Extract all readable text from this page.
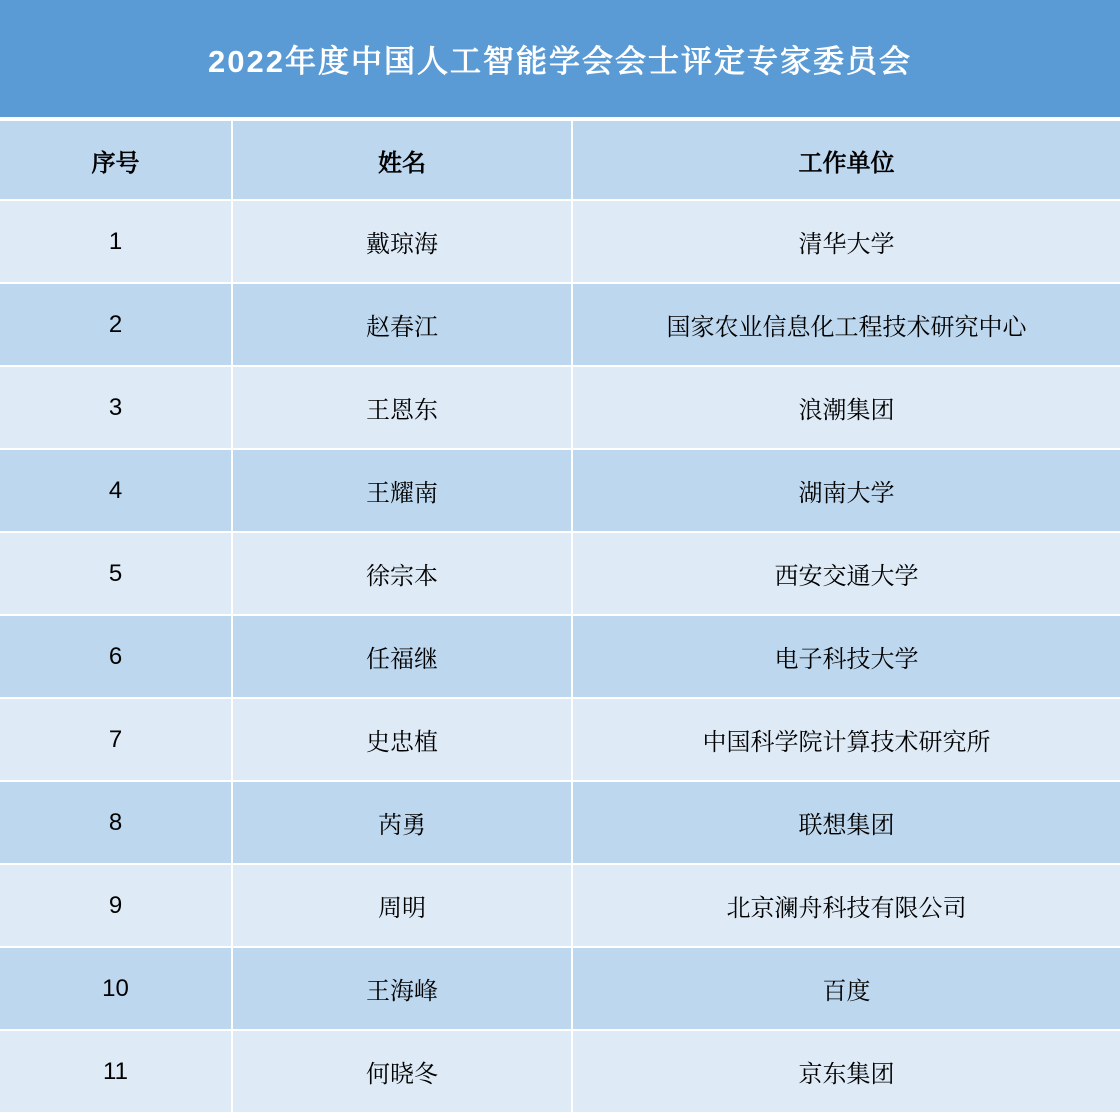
2022年度中国人工智能学会会士评定专家委员会
序号	姓名	工作单位
1	戴琼海	清华大学
2	赵春江	国家农业信息化工程技术研究中心
3	王恩东	浪潮集团
4	王耀南	湖南大学
5	徐宗本	西安交通大学
6	任福继	电子科技大学
7	史忠植	中国科学院计算技术研究所
8	芮勇	联想集团
9	周明	北京澜舟科技有限公司
10	王海峰	百度
11	何晓冬	京东集团
